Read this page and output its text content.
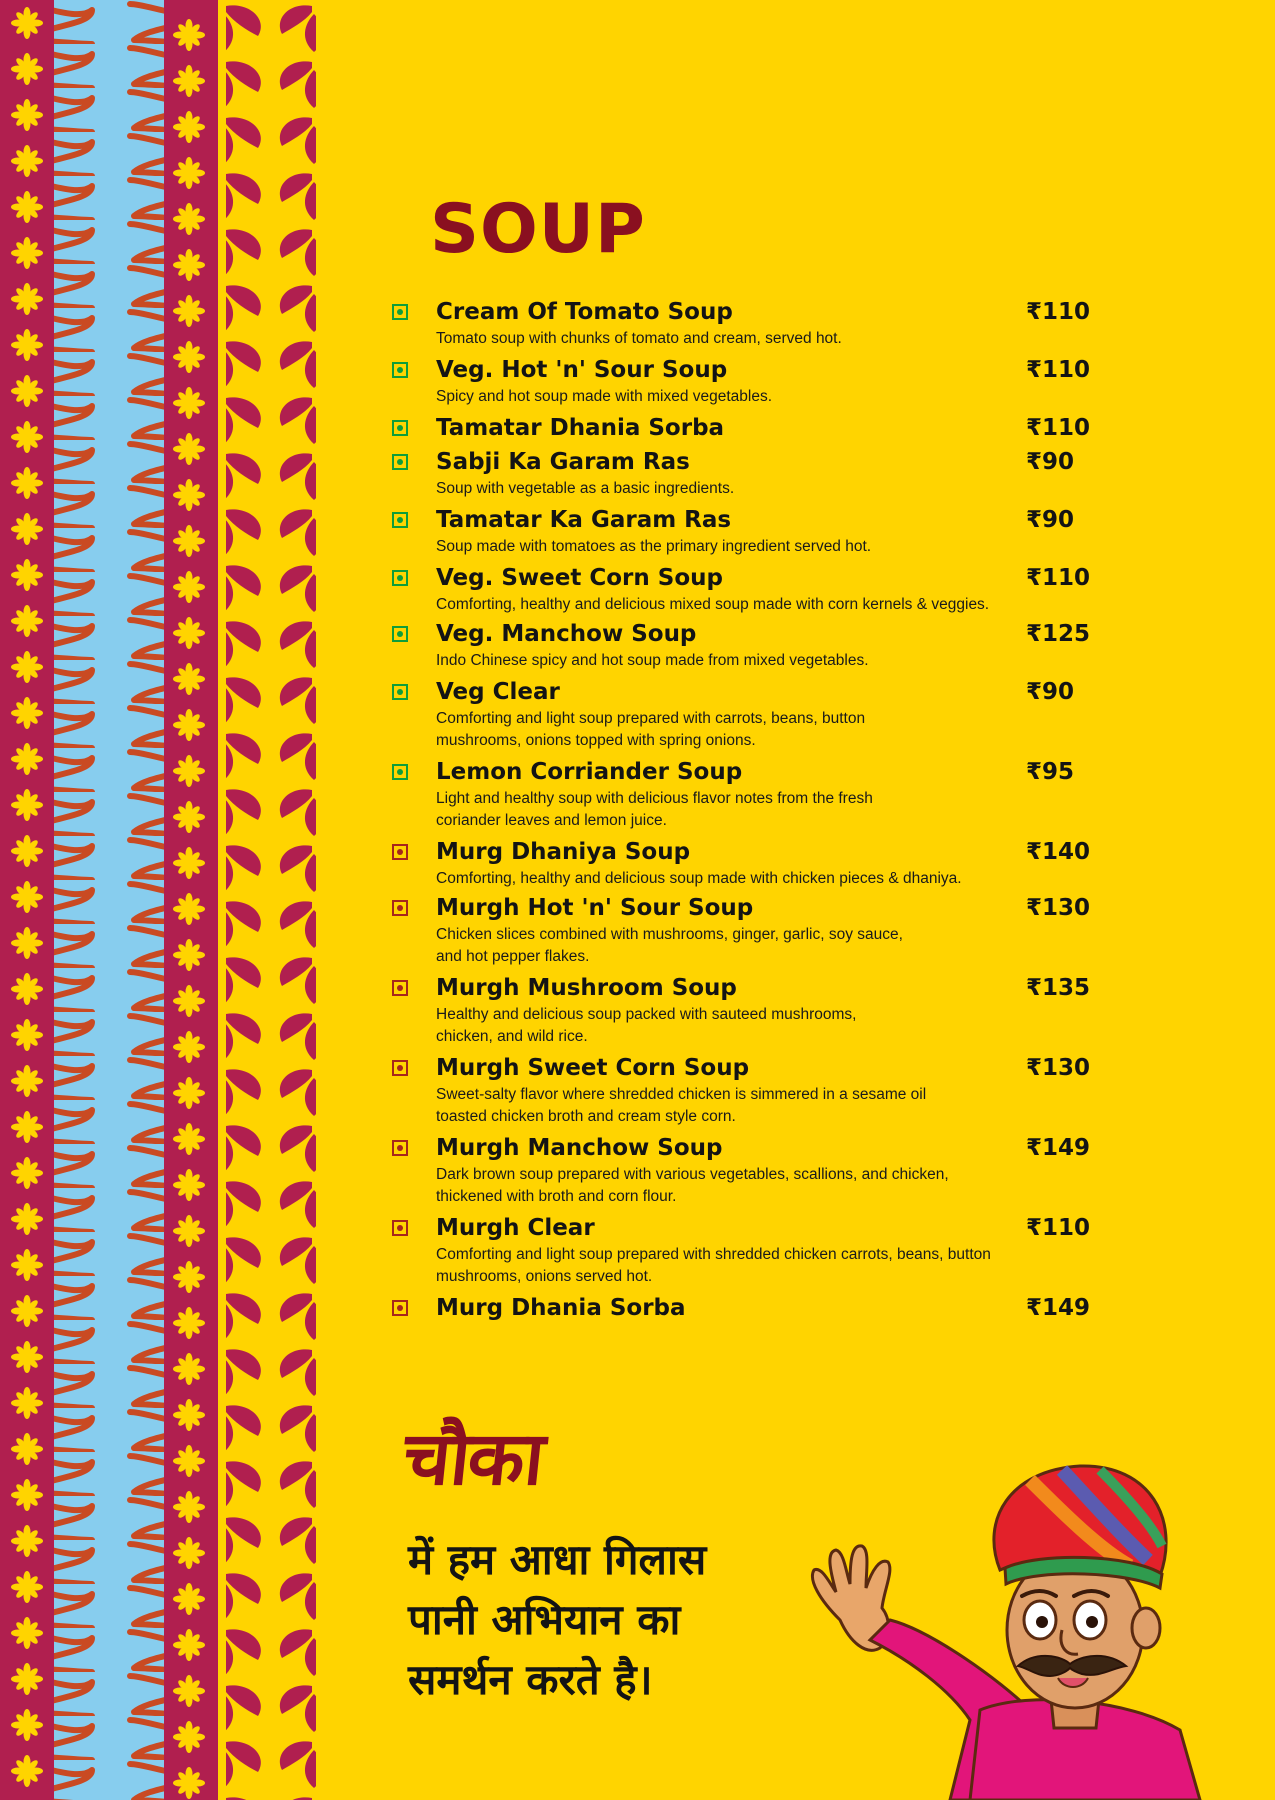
SOUP
Cream Of Tomato Soup	₹110
Tomato soup with chunks of tomato and cream, served hot.
Veg. Hot 'n' Sour Soup	₹110
Spicy and hot soup made with mixed vegetables.
Tamatar Dhania Sorba	₹110
Sabji Ka Garam Ras	₹90
Soup with vegetable as a basic ingredients.
Tamatar Ka Garam Ras	₹90
Soup made with tomatoes as the primary ingredient served hot.
Veg. Sweet Corn Soup	₹110
Comforting, healthy and delicious mixed soup made with corn kernels & veggies.
Veg. Manchow Soup	₹125
Indo Chinese spicy and hot soup made from mixed vegetables.
Veg Clear	₹90
Comforting and light soup prepared with carrots, beans, button
mushrooms, onions topped with spring onions.
Lemon Corriander Soup	₹95
Light and healthy soup with delicious flavor notes from the fresh
coriander leaves and lemon juice.
Murg Dhaniya Soup	₹140
Comforting, healthy and delicious soup made with chicken pieces & dhaniya.
Murgh Hot 'n' Sour Soup	₹130
Chicken slices combined with mushrooms, ginger, garlic, soy sauce,
and hot pepper flakes.
Murgh Mushroom Soup	₹135
Healthy and delicious soup packed with sauteed mushrooms,
chicken, and wild rice.
Murgh Sweet Corn Soup	₹130
Sweet-salty flavor where shredded chicken is simmered in a sesame oil
toasted chicken broth and cream style corn.
Murgh Manchow Soup	₹149
Dark brown soup prepared with various vegetables, scallions, and chicken,
thickened with broth and corn flour.
Murgh Clear	₹110
Comforting and light soup prepared with shredded chicken carrots, beans, button
mushrooms, onions served hot.
Murg Dhania Sorba	₹149
चौका
में हम आधा गिलास
पानी अभियान का
समर्थन करते है।
